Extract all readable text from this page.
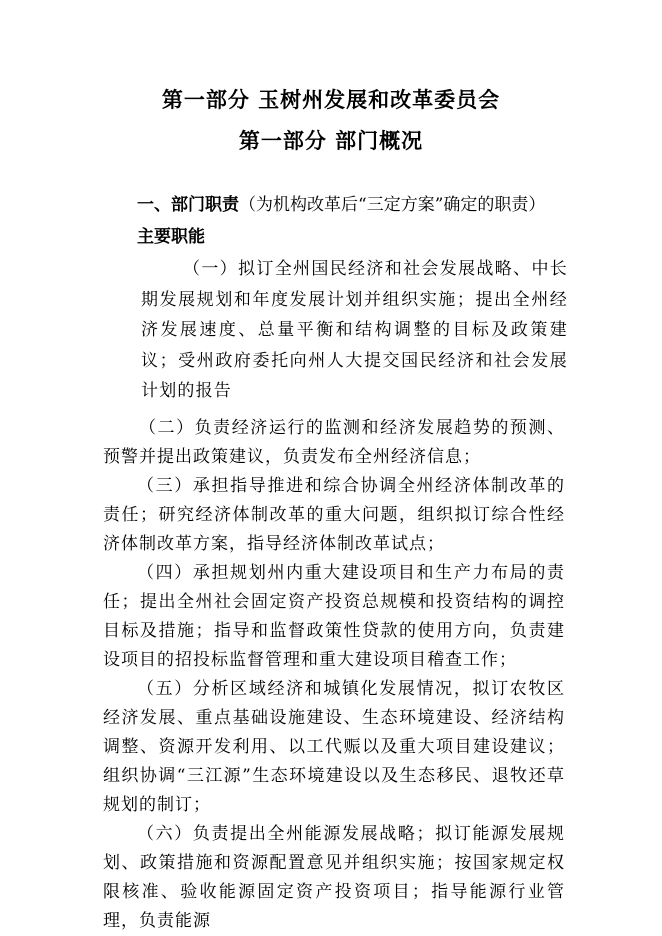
第一部分 玉树州发展和改革委员会
第一部分 部门概况
一、部门职责（为机构改革后“三定方案”确定的职责）
主要职能
（一）拟订全州国民经济和社会发展战略、中长期发展规划和年度发展计划并组织实施；提出全州经济发展速度、总量平衡和结构调整的目标及政策建议；受州政府委托向州人大提交国民经济和社会发展计划的报告

（二）负责经济运行的监测和经济发展趋势的预测、预警并提出政策建议，负责发布全州经济信息；

（三）承担指导推进和综合协调全州经济体制改革的责任；研究经济体制改革的重大问题，组织拟订综合性经济体制改革方案，指导经济体制改革试点；

（四）承担规划州内重大建设项目和生产力布局的责任；提出全州社会固定资产投资总规模和投资结构的调控目标及措施；指导和监督政策性贷款的使用方向，负责建设项目的招投标监督管理和重大建设项目稽查工作；

（五）分析区域经济和城镇化发展情况，拟订农牧区经济发展、重点基础设施建设、生态环境建设、经济结构调整、资源开发利用、以工代赈以及重大项目建设建议；组织协调“三江源”生态环境建设以及生态移民、退牧还草规划的制订；

（六）负责提出全州能源发展战略；拟订能源发展规划、政策措施和资源配置意见并组织实施；按国家规定权限核准、验收能源固定资产投资项目；指导能源行业管理，负责能源
